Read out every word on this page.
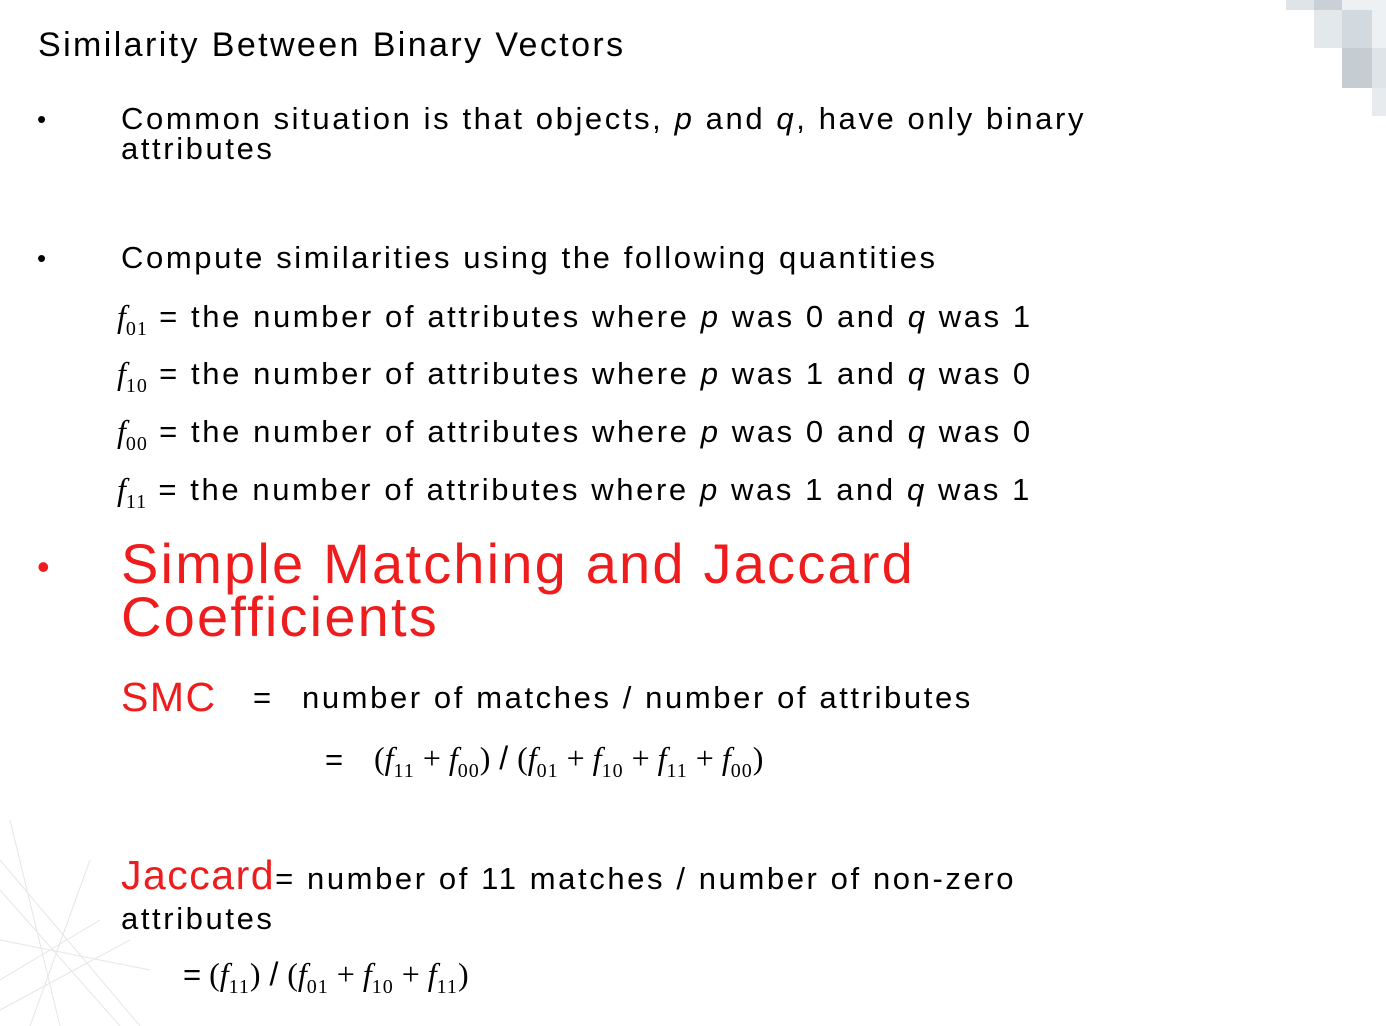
Similarity Between Binary Vectors
• Common situation is that objects, p and q, have only binary
attributes
• Compute similarities using the following quantities
$f_{01}$ = the number of attributes where p was 0 and q was 1
$f_{10}$ = the number of attributes where p was 1 and q was 0
$f_{00}$ = the number of attributes where p was 0 and q was 0
$f_{11}$ = the number of attributes where p was 1 and q was 1
• Simple Matching and Jaccard
Coefficients
SMC = number of matches / number of attributes
= $(f_{11} + f_{00}) / (f_{01} + f_{10} + f_{11} + f_{00})$
Jaccard= number of 11 matches / number of non-zero
attributes
= $(f_{11}) / (f_{01} + f_{10} + f_{11})$
